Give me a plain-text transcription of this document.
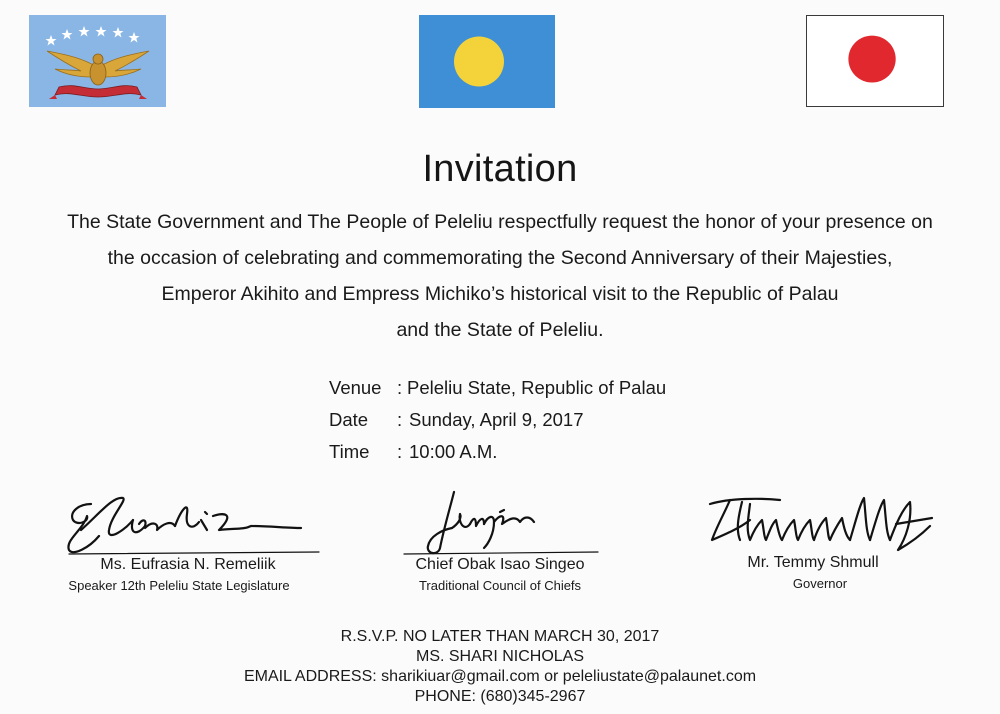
Invitation
The State Government and The People of Peleliu respectfully request the honor of your presence on
the occasion of celebrating and commemorating the Second Anniversary of their Majesties,
Emperor Akihito and Empress Michiko’s historical visit to the Republic of Palau
and the State of Peleliu.
Venue : Peleliu State, Republic of Palau
Date : Sunday, April 9, 2017
Time : 10:00 A.M.
Ms. Eufrasia N. Remeliik
Speaker 12th Peleliu State Legislature
Chief Obak Isao Singeo
Traditional Council of Chiefs
Mr. Temmy Shmull
Governor
R.S.V.P. NO LATER THAN MARCH 30, 2017
MS. SHARI NICHOLAS
EMAIL ADDRESS: sharikiuar@gmail.com or peleliustate@palaunet.com
PHONE: (680)345-2967
